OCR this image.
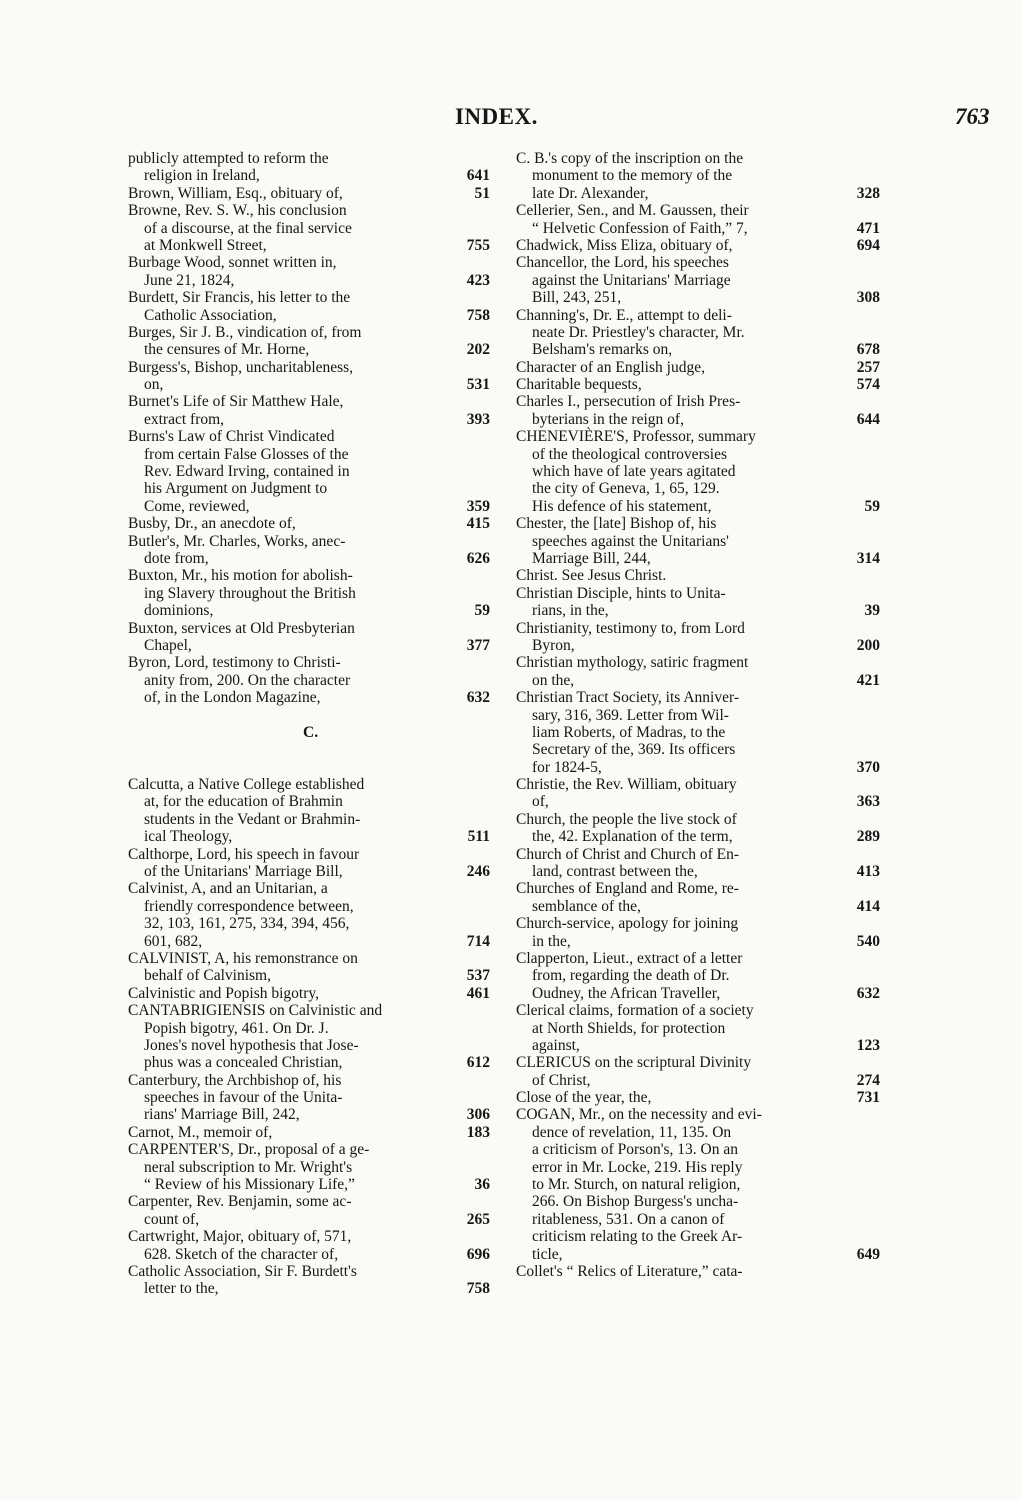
INDEX.	763
publicly attempted to reform the
religion in Ireland,	641
Brown, William, Esq., obituary of,	51
Browne, Rev. S. W., his conclusion
of a discourse, at the final service
at Monkwell Street,	755
Burbage Wood, sonnet written in,
June 21, 1824,	423
Burdett, Sir Francis, his letter to the
Catholic Association,	758
Burges, Sir J. B., vindication of, from
the censures of Mr. Horne,	202
Burgess's, Bishop, uncharitableness,
on,	531
Burnet's Life of Sir Matthew Hale,
extract from,	393
Burns's Law of Christ Vindicated
from certain False Glosses of the
Rev. Edward Irving, contained in
his Argument on Judgment to
Come, reviewed,	359
Busby, Dr., an anecdote of,	415
Butler's, Mr. Charles, Works, anec-
dote from,	626
Buxton, Mr., his motion for abolish-
ing Slavery throughout the British
dominions,	59
Buxton, services at Old Presbyterian
Chapel,	377
Byron, Lord, testimony to Christi-
anity from, 200. On the character
of, in the London Magazine,	632
C.
Calcutta, a Native College established
at, for the education of Brahmin
students in the Vedant or Brahmin-
ical Theology,	511
Calthorpe, Lord, his speech in favour
of the Unitarians' Marriage Bill,	246
Calvinist, A, and an Unitarian, a
friendly correspondence between,
32, 103, 161, 275, 334, 394, 456,
601, 682,	714
CALVINIST, A, his remonstrance on
behalf of Calvinism,	537
Calvinistic and Popish bigotry,	461
CANTABRIGIENSIS on Calvinistic and
Popish bigotry, 461. On Dr. J.
Jones's novel hypothesis that Jose-
phus was a concealed Christian,	612
Canterbury, the Archbishop of, his
speeches in favour of the Unita-
rians' Marriage Bill, 242,	306
Carnot, M., memoir of,	183
CARPENTER'S, Dr., proposal of a ge-
neral subscription to Mr. Wright's
“ Review of his Missionary Life,”	36
Carpenter, Rev. Benjamin, some ac-
count of,	265
Cartwright, Major, obituary of, 571,
628. Sketch of the character of,	696
Catholic Association, Sir F. Burdett's
letter to the,	758
C. B.'s copy of the inscription on the
monument to the memory of the
late Dr. Alexander,	328
Cellerier, Sen., and M. Gaussen, their
“ Helvetic Confession of Faith,” 7,	471
Chadwick, Miss Eliza, obituary of,	694
Chancellor, the Lord, his speeches
against the Unitarians' Marriage
Bill, 243, 251,	308
Channing's, Dr. E., attempt to deli-
neate Dr. Priestley's character, Mr.
Belsham's remarks on,	678
Character of an English judge,	257
Charitable bequests,	574
Charles I., persecution of Irish Pres-
byterians in the reign of,	644
CHENEVIÈRE'S, Professor, summary
of the theological controversies
which have of late years agitated
the city of Geneva, 1, 65, 129.
His defence of his statement,	59
Chester, the [late] Bishop of, his
speeches against the Unitarians'
Marriage Bill, 244,	314
Christ. See Jesus Christ.
Christian Disciple, hints to Unita-
rians, in the,	39
Christianity, testimony to, from Lord
Byron,	200
Christian mythology, satiric fragment
on the,	421
Christian Tract Society, its Anniver-
sary, 316, 369. Letter from Wil-
liam Roberts, of Madras, to the
Secretary of the, 369. Its officers
for 1824-5,	370
Christie, the Rev. William, obituary
of,	363
Church, the people the live stock of
the, 42. Explanation of the term,	289
Church of Christ and Church of En-
land, contrast between the,	413
Churches of England and Rome, re-
semblance of the,	414
Church-service, apology for joining
in the,	540
Clapperton, Lieut., extract of a letter
from, regarding the death of Dr.
Oudney, the African Traveller,	632
Clerical claims, formation of a society
at North Shields, for protection
against,	123
CLERICUS on the scriptural Divinity
of Christ,	274
Close of the year, the,	731
COGAN, Mr., on the necessity and evi-
dence of revelation, 11, 135. On
a criticism of Porson's, 13. On an
error in Mr. Locke, 219. His reply
to Mr. Sturch, on natural religion,
266. On Bishop Burgess's uncha-
ritableness, 531. On a canon of
criticism relating to the Greek Ar-
ticle,	649
Collet's “ Relics of Literature,” cata-
